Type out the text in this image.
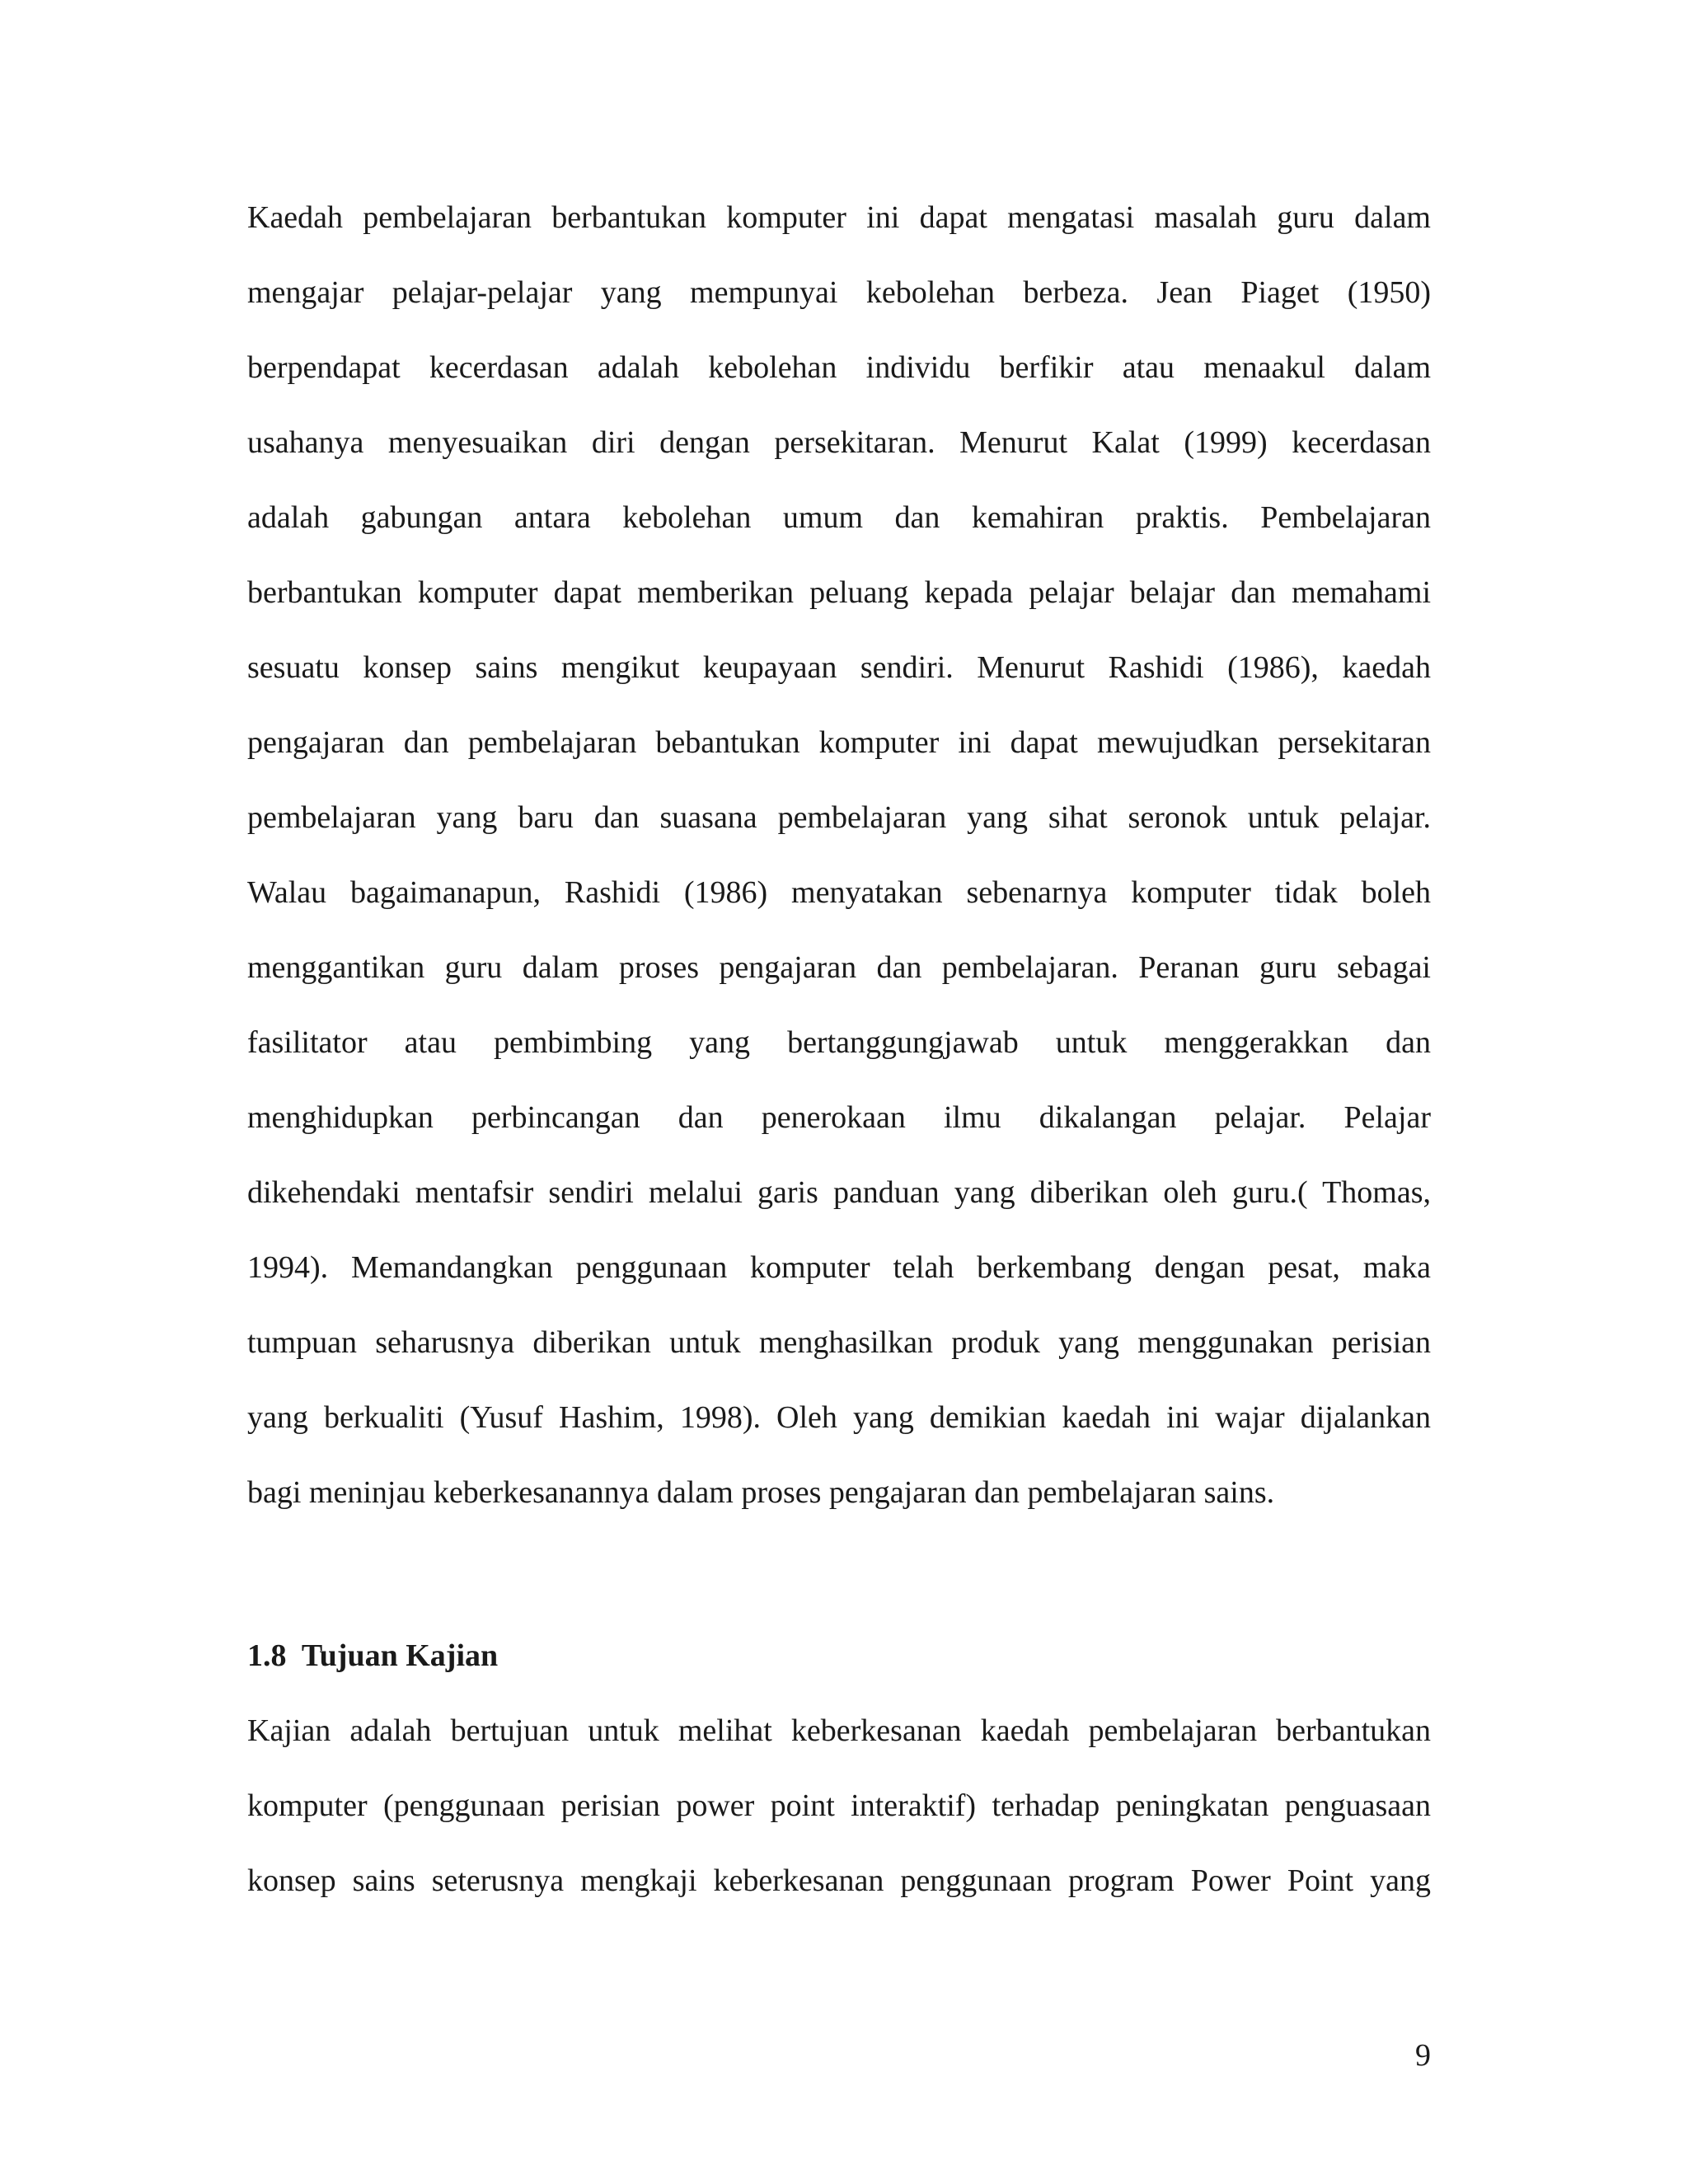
Kaedah pembelajaran berbantukan komputer ini dapat mengatasi masalah guru dalam
mengajar pelajar-pelajar yang mempunyai kebolehan berbeza. Jean Piaget (1950)
berpendapat kecerdasan adalah kebolehan individu berfikir atau menaakul dalam
usahanya menyesuaikan diri dengan persekitaran. Menurut Kalat (1999) kecerdasan
adalah gabungan antara kebolehan umum dan kemahiran praktis. Pembelajaran
berbantukan komputer dapat memberikan peluang kepada pelajar belajar dan memahami
sesuatu konsep sains mengikut keupayaan sendiri. Menurut Rashidi (1986), kaedah
pengajaran dan pembelajaran bebantukan komputer ini dapat mewujudkan persekitaran
pembelajaran yang baru dan suasana pembelajaran yang sihat seronok untuk pelajar.
Walau bagaimanapun, Rashidi (1986) menyatakan sebenarnya komputer tidak boleh
menggantikan guru dalam proses pengajaran dan pembelajaran. Peranan guru sebagai
fasilitator atau pembimbing yang bertanggungjawab untuk menggerakkan dan
menghidupkan perbincangan dan penerokaan ilmu dikalangan pelajar. Pelajar
dikehendaki mentafsir sendiri melalui garis panduan yang diberikan oleh guru.( Thomas,
1994). Memandangkan penggunaan komputer telah berkembang dengan pesat, maka
tumpuan seharusnya diberikan untuk menghasilkan produk yang menggunakan perisian
yang berkualiti (Yusuf Hashim, 1998). Oleh yang demikian kaedah ini wajar dijalankan
bagi meninjau keberkesanannya dalam proses pengajaran dan pembelajaran sains.
1.8  Tujuan Kajian
Kajian adalah bertujuan untuk melihat keberkesanan kaedah pembelajaran berbantukan
komputer (penggunaan perisian power point interaktif) terhadap peningkatan penguasaan
konsep sains seterusnya mengkaji keberkesanan penggunaan program Power Point yang
9
